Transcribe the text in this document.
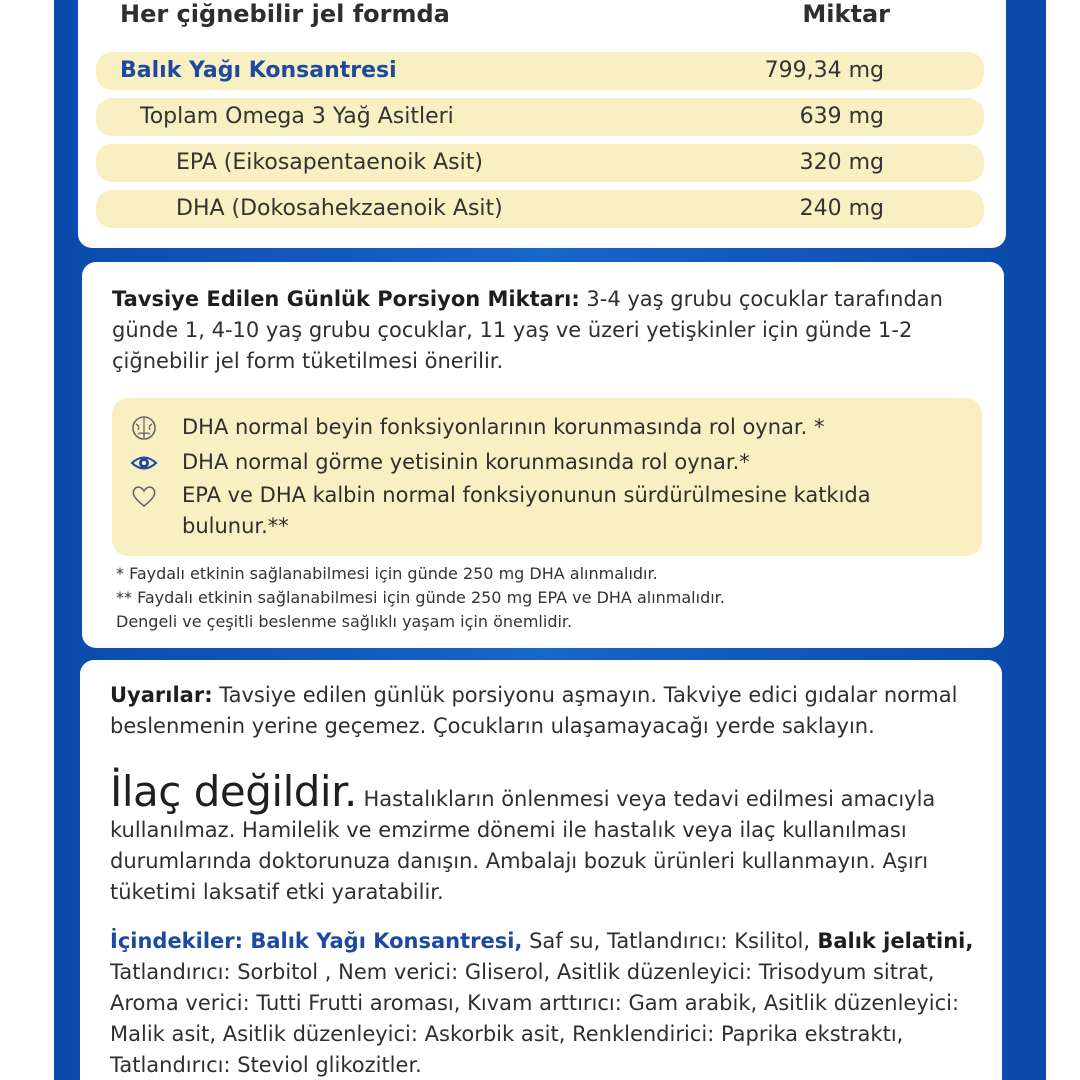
Her çiğnebilir jel formda	Miktar
Balık Yağı Konsantresi	799,34 mg
Toplam Omega 3 Yağ Asitleri	639 mg
EPA (Eikosapentaenoik Asit)	320 mg
DHA (Dokosahekzaenoik Asit)	240 mg
Tavsiye Edilen Günlük Porsiyon Miktarı: 3-4 yaş grubu çocuklar tarafından günde 1, 4-10 yaş grubu çocuklar, 11 yaş ve üzeri yetişkinler için günde 1-2 çiğnebilir jel form tüketilmesi önerilir.
DHA normal beyin fonksiyonlarının korunmasında rol oynar. *
DHA normal görme yetisinin korunmasında rol oynar.*
EPA ve DHA kalbin normal fonksiyonunun sürdürülmesine katkıda bulunur.**
* Faydalı etkinin sağlanabilmesi için günde 250 mg DHA alınmalıdır.
** Faydalı etkinin sağlanabilmesi için günde 250 mg EPA ve DHA alınmalıdır.
Dengeli ve çeşitli beslenme sağlıklı yaşam için önemlidir.
Uyarılar: Tavsiye edilen günlük porsiyonu aşmayın. Takviye edici gıdalar normal beslenmenin yerine geçemez. Çocukların ulaşamayacağı yerde saklayın.
İlaç değildir. Hastalıkların önlenmesi veya tedavi edilmesi amacıyla kullanılmaz. Hamilelik ve emzirme dönemi ile hastalık veya ilaç kullanılması durumlarında doktorunuza danışın. Ambalajı bozuk ürünleri kullanmayın. Aşırı tüketimi laksatif etki yaratabilir.
İçindekiler: Balık Yağı Konsantresi, Saf su, Tatlandırıcı: Ksilitol, Balık jelatini, Tatlandırıcı: Sorbitol , Nem verici: Gliserol, Asitlik düzenleyici: Trisodyum sitrat, Aroma verici: Tutti Frutti aroması, Kıvam arttırıcı: Gam arabik, Asitlik düzenleyici: Malik asit, Asitlik düzenleyici: Askorbik asit, Renklendirici: Paprika ekstraktı, Tatlandırıcı: Steviol glikozitler.
